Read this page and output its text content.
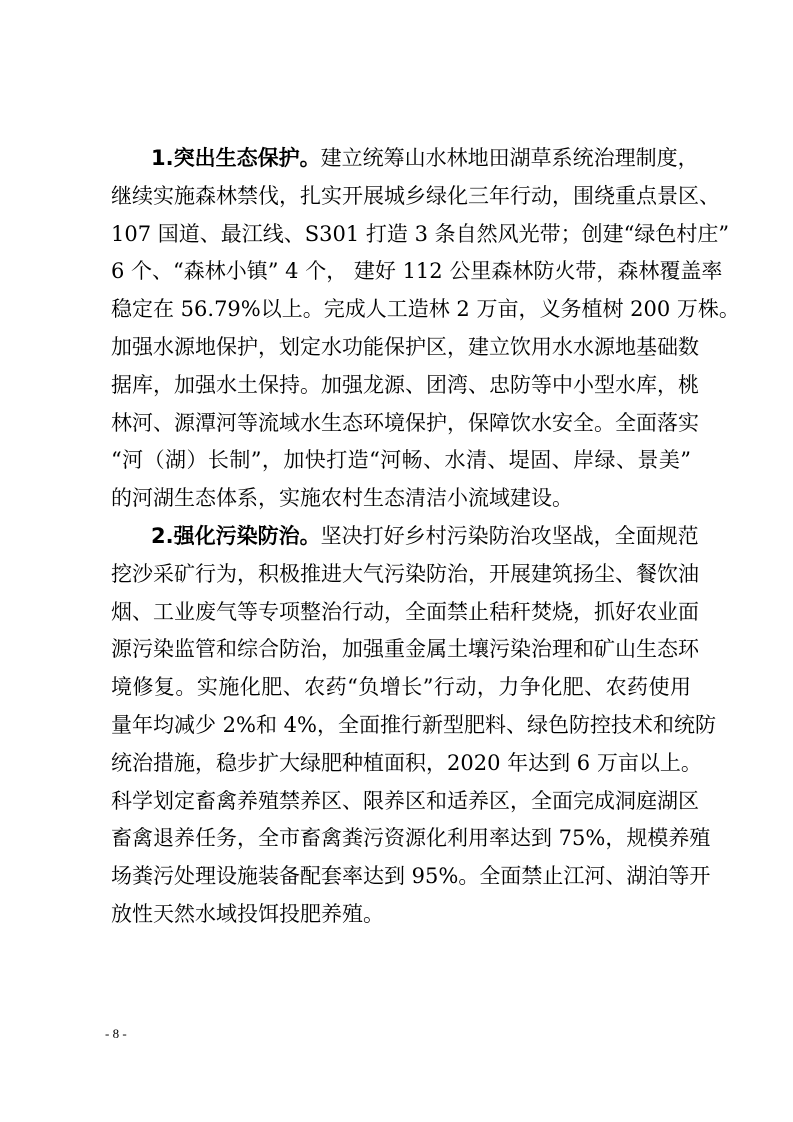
1.突出生态保护。建立统筹山水林地田湖草系统治理制度，
继续实施森林禁伐，扎实开展城乡绿化三年行动，围绕重点景区、
107 国道、最江线、S301 打造 3 条自然风光带；创建“绿色村庄”
6 个、“森林小镇” 4 个， 建好 112 公里森林防火带，森林覆盖率
稳定在 56.79%以上。完成人工造林 2 万亩，义务植树 200 万株。
加强水源地保护，划定水功能保护区，建立饮用水水源地基础数
据库，加强水土保持。加强龙源、团湾、忠防等中小型水库，桃
林河、源潭河等流域水生态环境保护，保障饮水安全。全面落实
“河（湖）长制”，加快打造“河畅、水清、堤固、岸绿、景美”
的河湖生态体系，实施农村生态清洁小流域建设。
2.强化污染防治。坚决打好乡村污染防治攻坚战，全面规范
挖沙采矿行为，积极推进大气污染防治，开展建筑扬尘、餐饮油
烟、工业废气等专项整治行动，全面禁止秸秆焚烧，抓好农业面
源污染监管和综合防治，加强重金属土壤污染治理和矿山生态环
境修复。实施化肥、农药“负增长”行动，力争化肥、农药使用
量年均减少 2%和 4%，全面推行新型肥料、绿色防控技术和统防
统治措施，稳步扩大绿肥种植面积，2020 年达到 6 万亩以上。
科学划定畜禽养殖禁养区、限养区和适养区，全面完成洞庭湖区
畜禽退养任务，全市畜禽粪污资源化利用率达到 75%，规模养殖
场粪污处理设施装备配套率达到 95%。全面禁止江河、湖泊等开
放性天然水域投饵投肥养殖。
- 8 -
